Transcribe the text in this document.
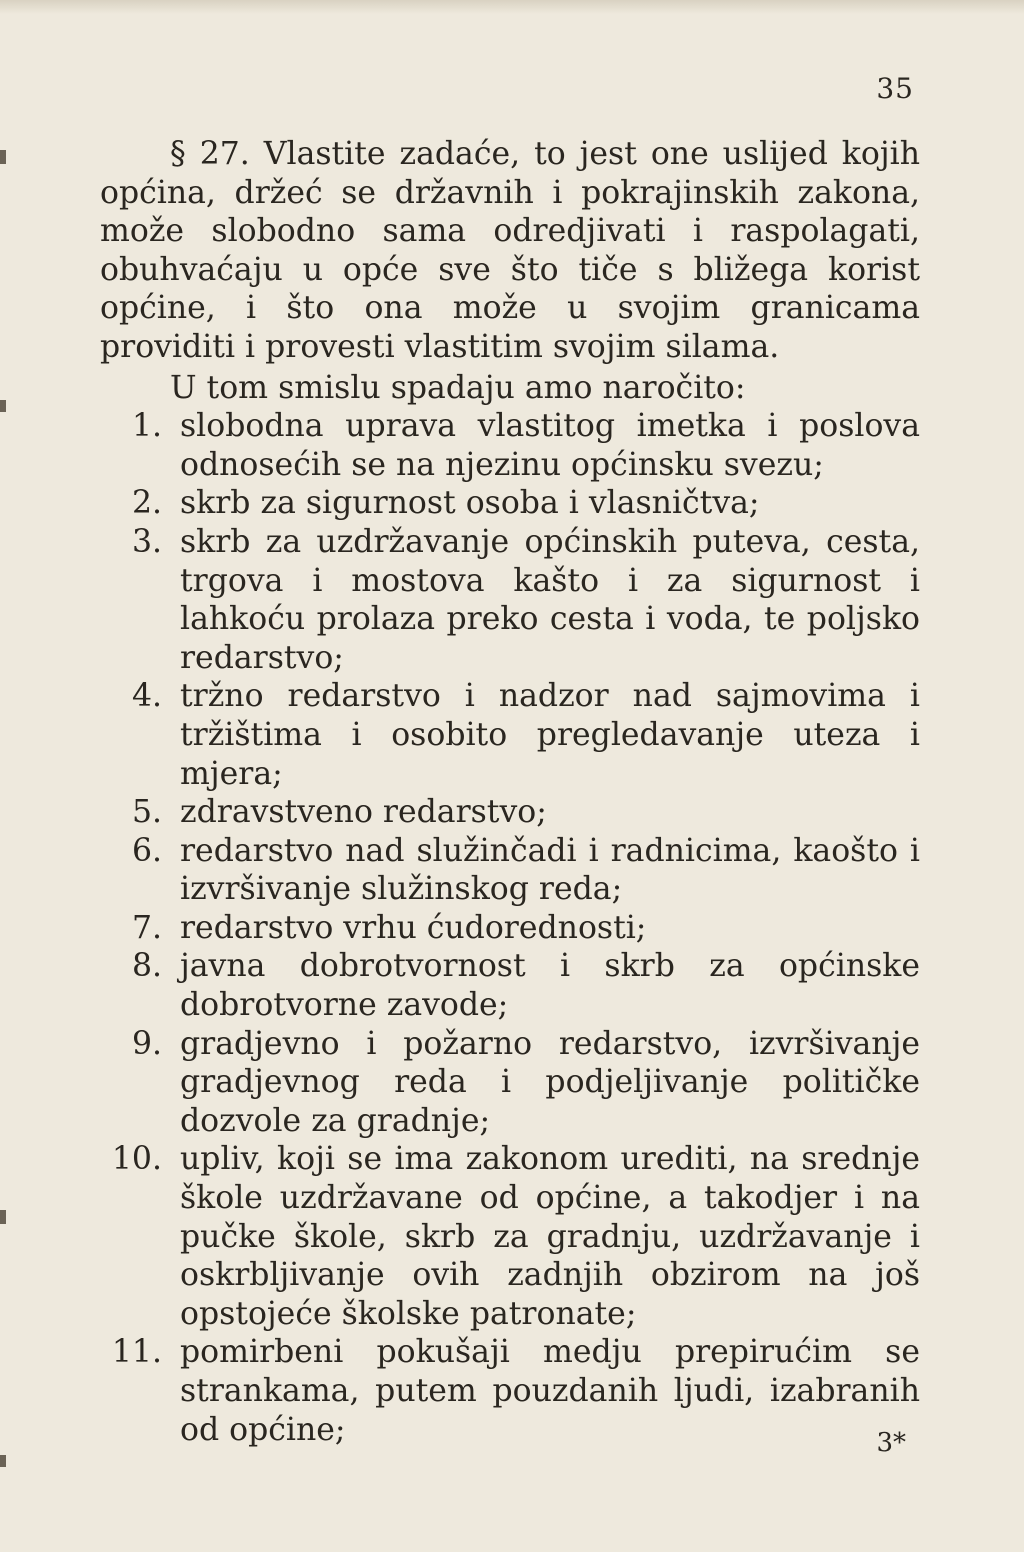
35

§ 27. Vlastite zadaće, to jest one uslijed kojih općina, držeć se državnih i pokrajinskih zakona, može slobodno sama odredjivati i raspolagati, obuhvaćaju u opće sve što tiče s bližega korist općine, i što ona može u svojim granicama providiti i provesti vlastitim svojim silama.

U tom smislu spadaju amo naročito:

1. slobodna uprava vlastitog imetka i poslova odnosećih se na njezinu općinsku svezu;
2. skrb za sigurnost osoba i vlasničtva;
3. skrb za uzdržavanje općinskih puteva, cesta, trgova i mostova kašto i za sigurnost i lahkoću prolaza preko cesta i voda, te poljsko redarstvo;
4. tržno redarstvo i nadzor nad sajmovima i tržištima i osobito pregledavanje uteza i mjera;
5. zdravstveno redarstvo;
6. redarstvo nad služinčadi i radnicima, kaošto i izvršivanje služinskog reda;
7. redarstvo vrhu ćudorednosti;
8. javna dobrotvornost i skrb za općinske dobrotvorne zavode;
9. gradjevno i požarno redarstvo, izvršivanje gradjevnog reda i podjeljivanje političke dozvole za gradnje;
10. upliv, koji se ima zakonom urediti, na srednje škole uzdržavane od općine, a takodjer i na pučke škole, skrb za gradnju, uzdržavanje i oskrbljivanje ovih zadnjih obzirom na još opstojeće školske patronate;
11. pomirbeni pokušaji medju prepirućim se strankama, putem pouzdanih ljudi, izabranih od općine;	3*
